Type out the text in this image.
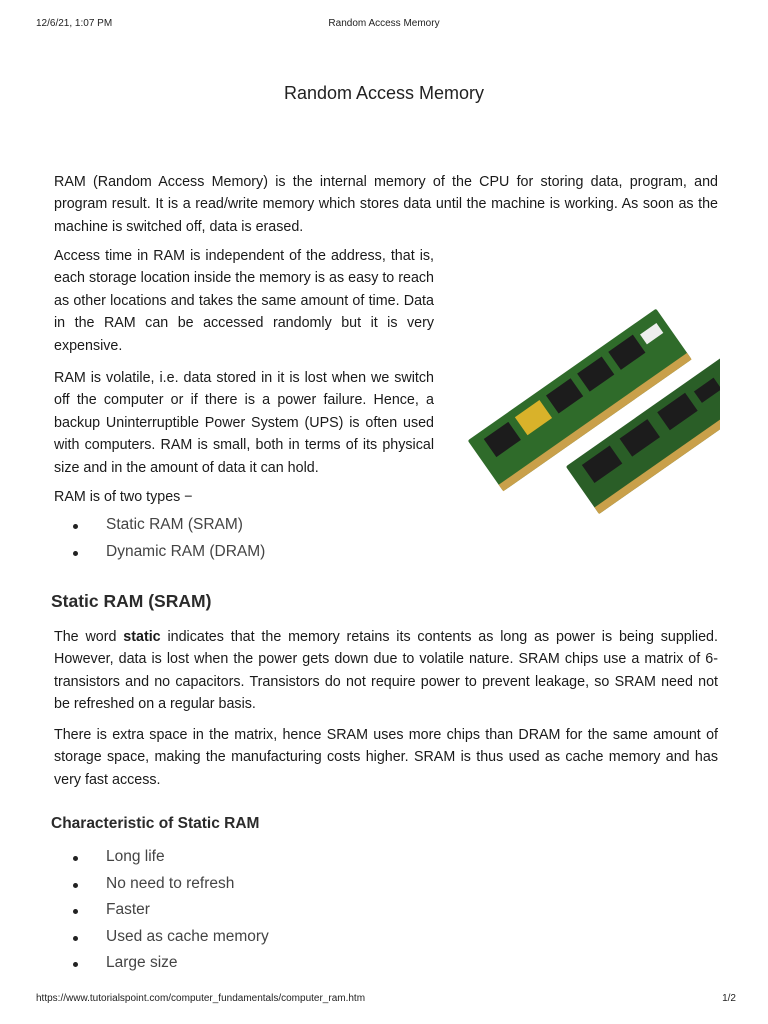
12/6/21, 1:07 PM	Random Access Memory
Random Access Memory

RAM (Random Access Memory) is the internal memory of the CPU for storing data, program, and program result. It is a read/write memory which stores data until the machine is working. As soon as the machine is switched off, data is erased.

Access time in RAM is independent of the address, that is, each storage location inside the memory is as easy to reach as other locations and takes the same amount of time. Data in the RAM can be accessed randomly but it is very expensive.

RAM is volatile, i.e. data stored in it is lost when we switch off the computer or if there is a power failure. Hence, a backup Uninterruptible Power System (UPS) is often used with computers. RAM is small, both in terms of its physical size and in the amount of data it can hold.

RAM is of two types −

Static RAM (SRAM)
Dynamic RAM (DRAM)
Static RAM (SRAM)

The word static indicates that the memory retains its contents as long as power is being supplied. However, data is lost when the power gets down due to volatile nature. SRAM chips use a matrix of 6-transistors and no capacitors. Transistors do not require power to prevent leakage, so SRAM need not be refreshed on a regular basis.

There is extra space in the matrix, hence SRAM uses more chips than DRAM for the same amount of storage space, making the manufacturing costs higher. SRAM is thus used as cache memory and has very fast access.

Characteristic of Static RAM
Long life
No need to refresh
Faster
Used as cache memory
Large size
https://www.tutorialspoint.com/computer_fundamentals/computer_ram.htm	1/2
